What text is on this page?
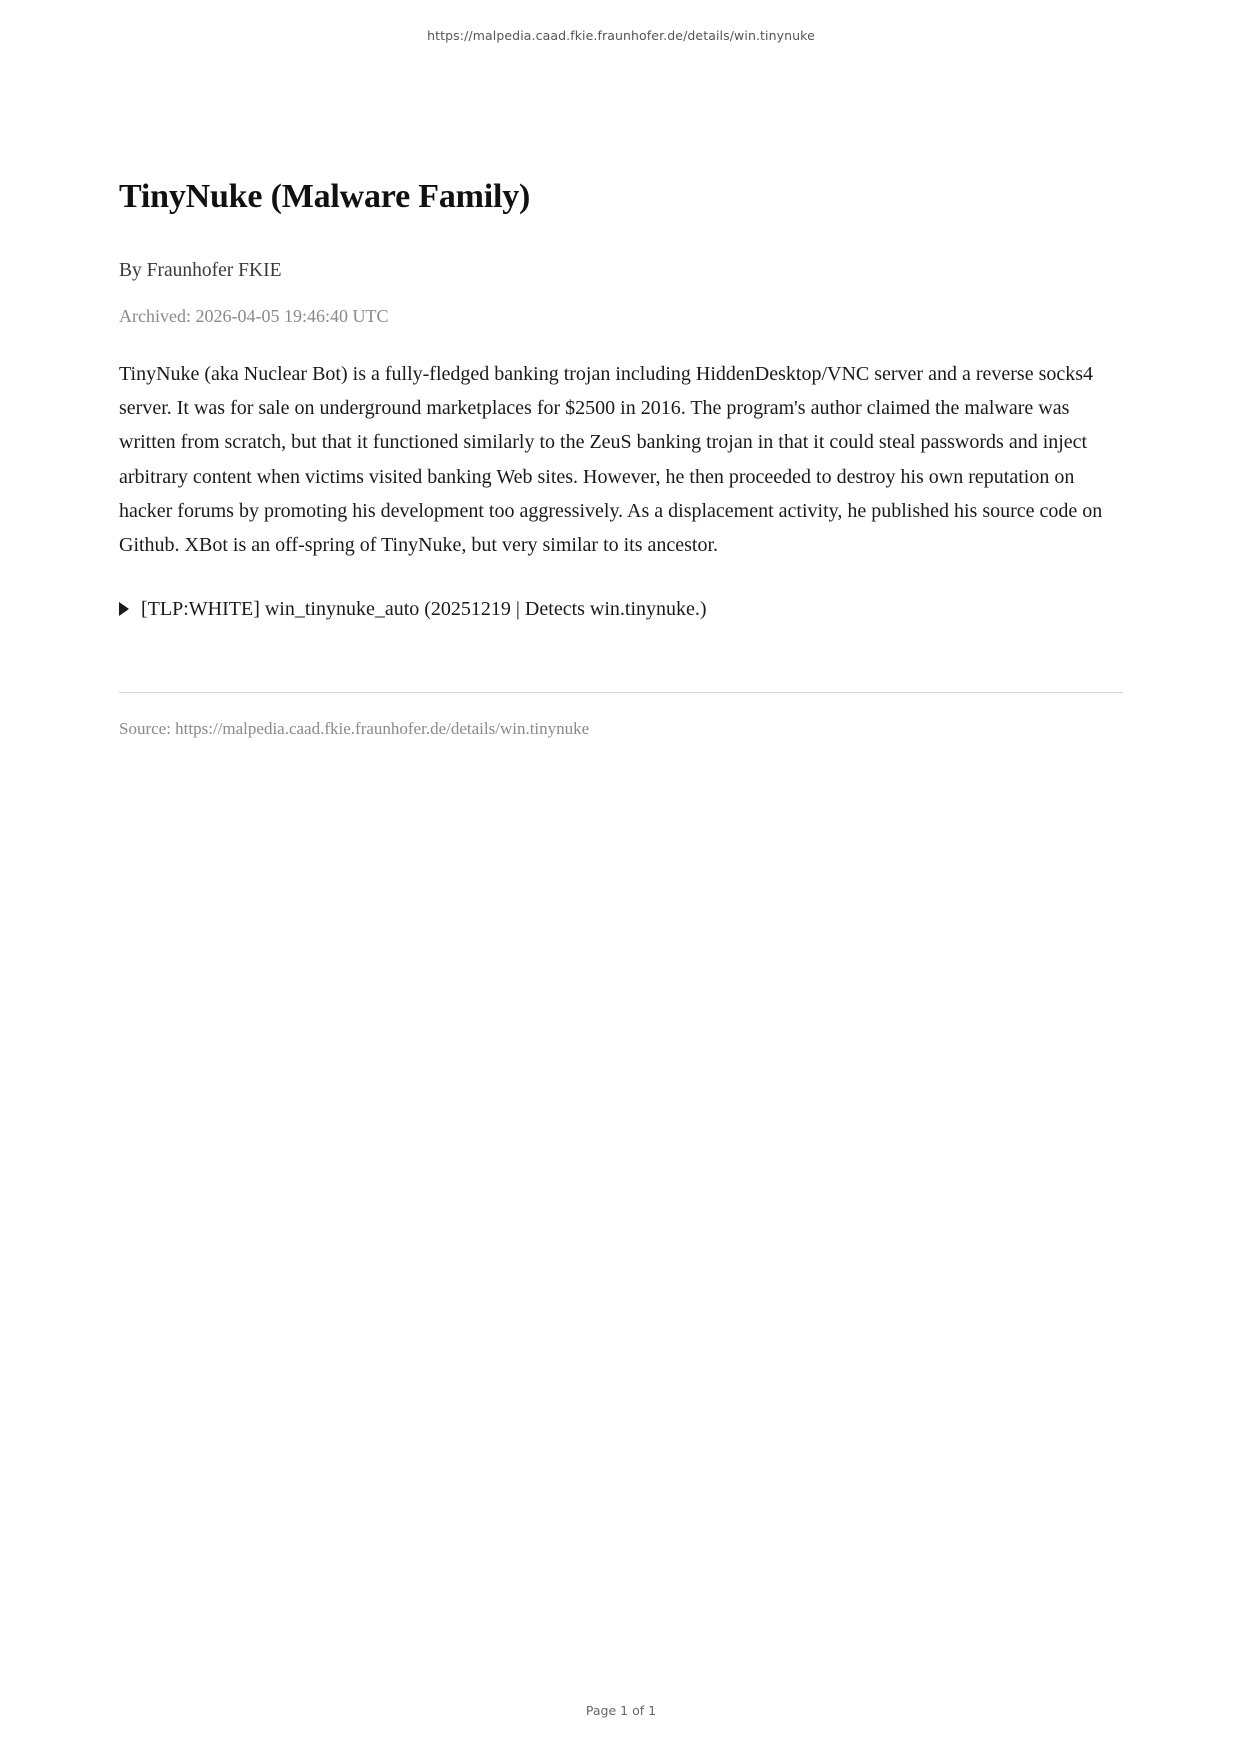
https://malpedia.caad.fkie.fraunhofer.de/details/win.tinynuke
TinyNuke (Malware Family)
By Fraunhofer FKIE
Archived: 2026-04-05 19:46:40 UTC

TinyNuke (aka Nuclear Bot) is a fully-fledged banking trojan including HiddenDesktop/VNC server and a reverse socks4 server. It was for sale on underground marketplaces for $2500 in 2016. The program's author claimed the malware was written from scratch, but that it functioned similarly to the ZeuS banking trojan in that it could steal passwords and inject arbitrary content when victims visited banking Web sites. However, he then proceeded to destroy his own reputation on hacker forums by promoting his development too aggressively. As a displacement activity, he published his source code on Github. XBot is an off-spring of TinyNuke, but very similar to its ancestor.

[TLP:WHITE] win_tinynuke_auto (20251219 | Detects win.tinynuke.)
Source: https://malpedia.caad.fkie.fraunhofer.de/details/win.tinynuke
Page 1 of 1
